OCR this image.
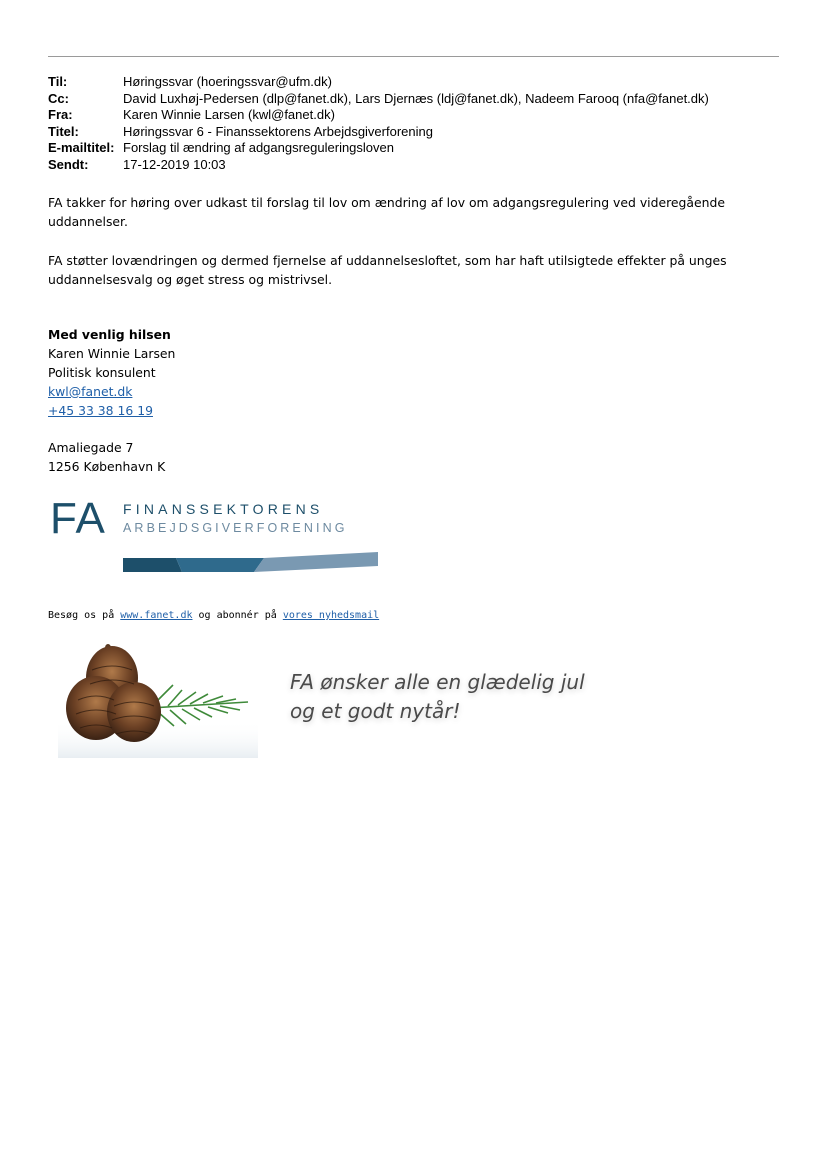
Til:	Høringssvar (hoeringssvar@ufm.dk)
Cc:	David Luxhøj-Pedersen (dlp@fanet.dk), Lars Djernæs (ldj@fanet.dk), Nadeem Farooq (nfa@fanet.dk)
Fra:	Karen Winnie Larsen (kwl@fanet.dk)
Titel:	Høringssvar 6 - Finanssektorens Arbejdsgiverforening
E-mailtitel: Forslag til ændring af adgangsreguleringsloven
Sendt:	17-12-2019 10:03

FA takker for høring over udkast til forslag til lov om ændring af lov om adgangsregulering ved videregående uddannelser.

FA støtter lovændringen og dermed fjernelse af uddannelsesloftet, som har haft utilsigtede effekter på unges uddannelsesvalg og øget stress og mistrivsel.

Med venlig hilsen
Karen Winnie Larsen
Politisk konsulent
kwl@fanet.dk
+45 33 38 16 19
Amaliegade 7
1256 København K
FA FINANSSEKTORENS
ARBEJDSGIVERFORENING
Besøg os på www.fanet.dk og abonnér på vores nyhedsmail
FA ønsker alle en glædelig jul
og et godt nytår!
